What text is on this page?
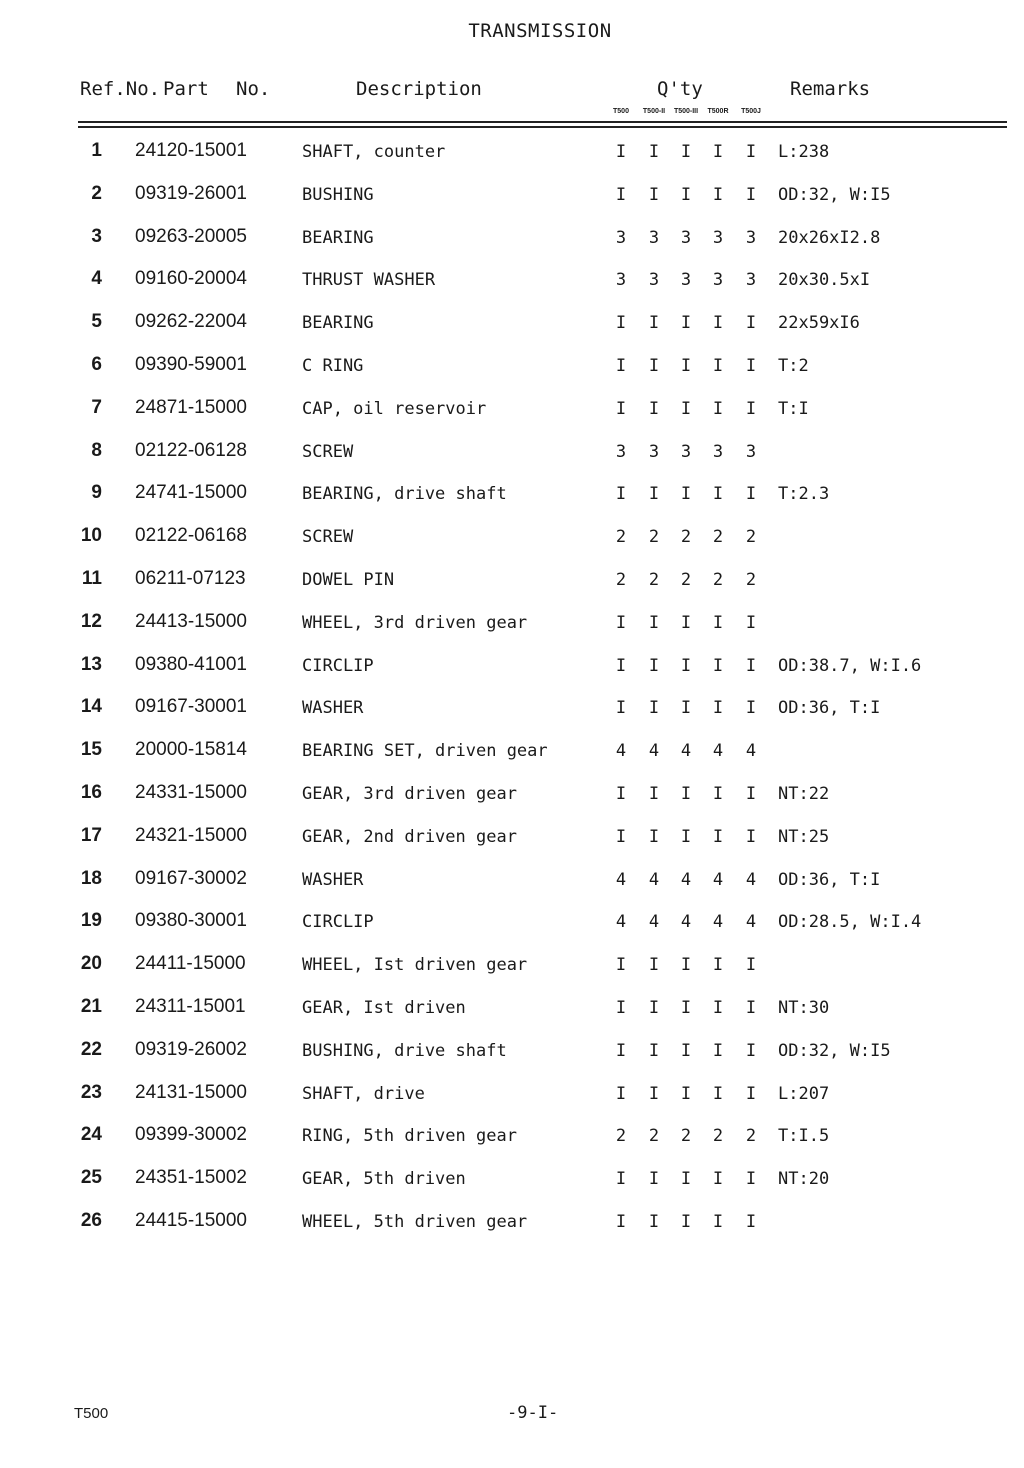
TRANSMISSION
Ref.No. Part No.	Description	Q'ty	Remarks
T500 T500-II T500-III T500R T500J
1 24120-15001	SHAFT, counter	I I I I I L:238
2 09319-26001	BUSHING	I I I I I OD:32, W:I5
3 09263-20005	BEARING	3 3 3 3 3 20x26xI2.8
4 09160-20004	THRUST WASHER	3 3 3 3 3 20x30.5xI
5 09262-22004	BEARING	I I I I I 22x59xI6
6 09390-59001	C RING	I I I I I T:2
7 24871-15000	CAP, oil reservoir	I I I I I T:I
8 02122-06128	SCREW	3 3 3 3 3
9 24741-15000	BEARING, drive shaft	I I I I I T:2.3
10 02122-06168	SCREW	2 2 2 2 2
11 06211-07123	DOWEL PIN	2 2 2 2 2
12 24413-15000	WHEEL, 3rd driven gear	I I I I I
13 09380-41001	CIRCLIP	I I I I I OD:38.7, W:I.6
14 09167-30001	WASHER	I I I I I OD:36, T:I
15 20000-15814	BEARING SET, driven gear	4 4 4 4 4
16 24331-15000	GEAR, 3rd driven gear	I I I I I NT:22
17 24321-15000	GEAR, 2nd driven gear	I I I I I NT:25
18 09167-30002	WASHER	4 4 4 4 4 OD:36, T:I
19 09380-30001	CIRCLIP	4 4 4 4 4 OD:28.5, W:I.4
20 24411-15000	WHEEL, Ist driven gear	I I I I I
21 24311-15001	GEAR, Ist driven	I I I I I NT:30
22 09319-26002	BUSHING, drive shaft	I I I I I OD:32, W:I5
23 24131-15000	SHAFT, drive	I I I I I L:207
24 09399-30002	RING, 5th driven gear	2 2 2 2 2 T:I.5
25 24351-15002	GEAR, 5th driven	I I I I I NT:20
26 24415-15000	WHEEL, 5th driven gear	I I I I I
T500	-9-I-
